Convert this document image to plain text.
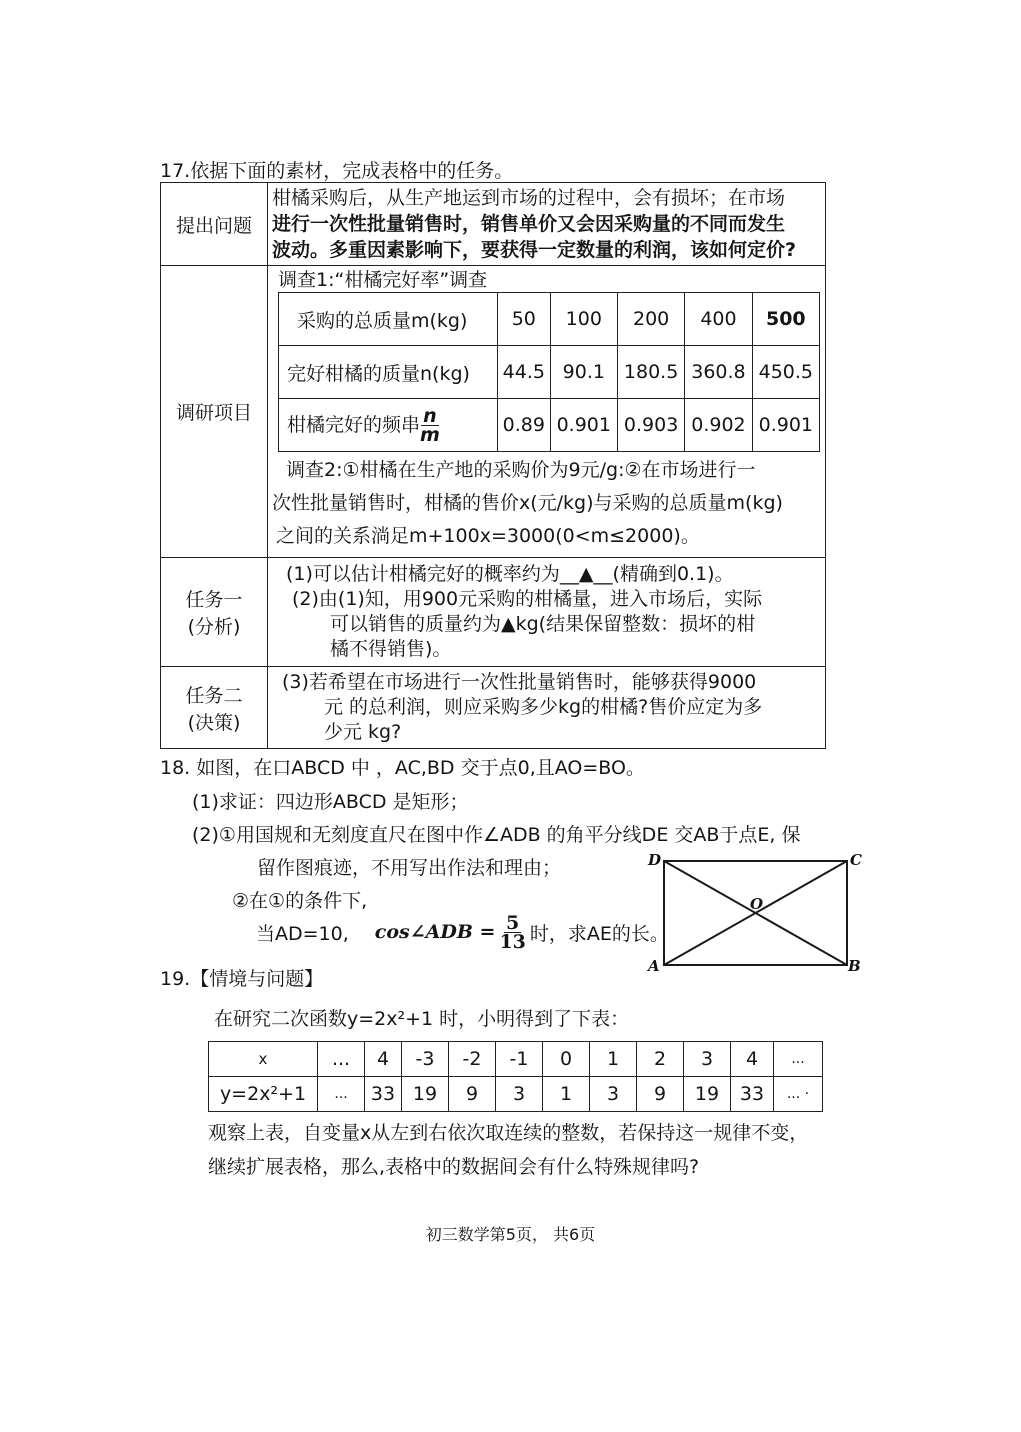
17.依据下面的素材，完成表格中的任务。
提出问题	
柑橘采购后，从生产地运到市场的过程中，会有损坏；在市场
进行一次性批量销售时，销售单价又会因采购量的不同而发生
波动。多重因素影响下，要获得一定数量的利润，该如何定价?

调研项目	
调查1:“柑橘完好率”调查
采购的总质量m(kg)	50	100	200	400	500
完好柑橘的质量n(kg)	44.5	90.1	180.5	360.8	450.5
柑橘完好的频串 $\frac{n}{m}$	0.89	0.901	0.903	0.902	0.901
调查2:①柑橘在生产地的采购价为9元/g:②在市场进行一
次性批量销售时，柑橘的售价x(元/kg)与采购的总质量m(kg)
之间的关系淌足m+100x=3000(0<m≤2000)。

任务一
(分析)

(1)可以估计柑橘完好的概率约为__▲__(精确到0.1)。
(2)由(1)知，用900元采购的柑橘量，进入市场后，实际
可以销售的质量约为▲kg(结果保留整数：损坏的柑
橘不得销售)。

任务二
(决策)

(3)若希望在市场进行一次性批量销售时，能够获得9000
元 的总利润，则应采购多少kg的柑橘?售价应定为多
少元 kg?
18. 如图，在口ABCD 中 ，AC,BD 交于点0,且AO=BO。
(1)求证：四边形ABCD 是矩形；
(2)①用国规和无刻度直尺在图中作∠ADB 的角平分线DE 交AB于点E, 保
留作图痕迹，不用写出作法和理由；
②在①的条件下,
当AD=10, cos∠ADB = $\frac{5}{13}$ 时，求AE的长。
D	C
A	B
O
19.【情境与问题】
在研究二次函数y=2x²+1 时，小明得到了下表：
x	...	4	-3	-2	-1	0	1	2	3	4	...
y=2x²+1	...	33	19	9	3	1	3	9	19	33	... ·
观察上表，自变量x从左到右依次取连续的整数，若保持这一规律不变，
继续扩展表格，那么,表格中的数据间会有什么特殊规律吗?
初三数学第5页， 共6页
